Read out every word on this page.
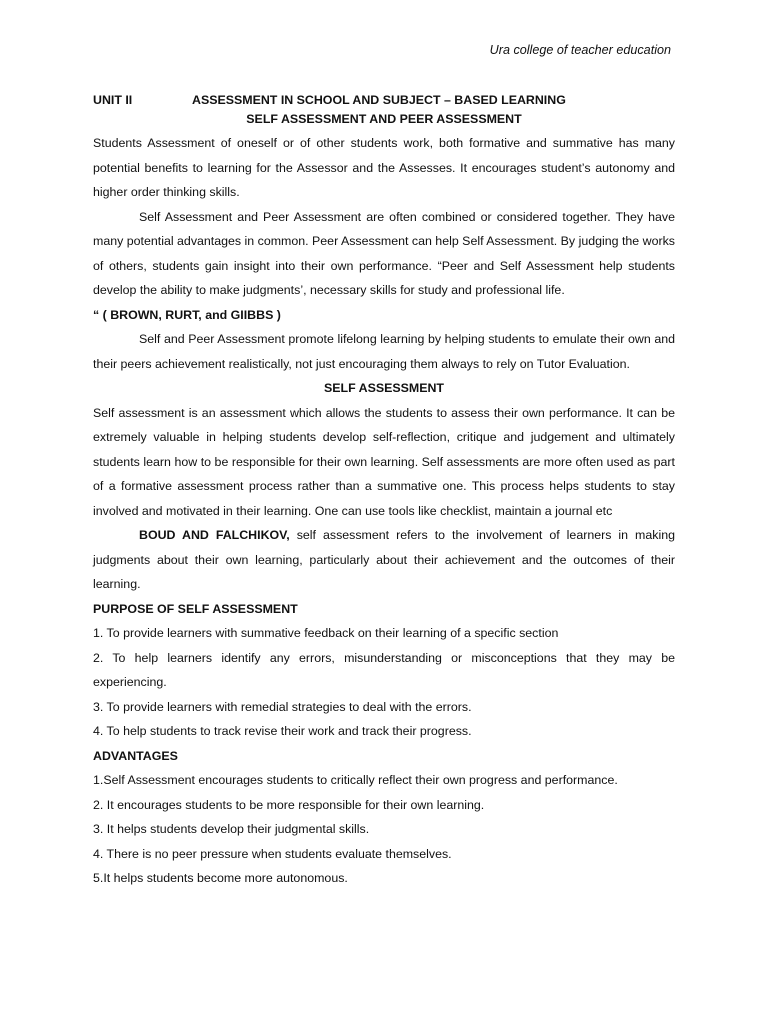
Ura college of teacher education

UNIT II	ASSESSMENT IN SCHOOL AND SUBJECT – BASED LEARNING

SELF ASSESSMENT AND PEER ASSESSMENT

Students Assessment of oneself or of other students work, both formative and summative has many potential benefits to learning for the Assessor and the Assesses. It encourages student’s autonomy and higher order thinking skills.

Self Assessment and Peer Assessment are often combined or considered together. They have many potential advantages in common. Peer Assessment can help Self Assessment. By judging the works of others, students gain insight into their own performance. “Peer and Self Assessment help students develop the ability to make judgments’, necessary skills for study and professional life.

“ ( BROWN, RURT, and GIIBBS )

Self and Peer Assessment promote lifelong learning by helping students to emulate their own and their peers achievement realistically, not just encouraging them always to rely on Tutor Evaluation.

SELF ASSESSMENT

Self assessment is an assessment which allows the students to assess their own performance. It can be extremely valuable in helping students develop self-reflection, critique and judgement and ultimately students learn how to be responsible for their own learning. Self assessments are more often used as part of a formative assessment process rather than a summative one. This process helps students to stay involved and motivated in their learning. One can use tools like checklist, maintain a journal etc

BOUD AND FALCHIKOV, self assessment refers to the involvement of learners in making judgments about their own learning, particularly about their achievement and the outcomes of their learning.

PURPOSE OF SELF ASSESSMENT

1. To provide learners with summative feedback on their learning of a specific section

2. To help learners identify any errors, misunderstanding or misconceptions that they may be experiencing.

3. To provide learners with remedial strategies to deal with the errors.

4. To help students to track revise their work and track their progress.

ADVANTAGES

1.Self Assessment encourages students to critically reflect their own progress and performance.

2. It encourages students to be more responsible for their own learning.

3. It helps students develop their judgmental skills.

4. There is no peer pressure when students evaluate themselves.

5.It helps students become more autonomous.
